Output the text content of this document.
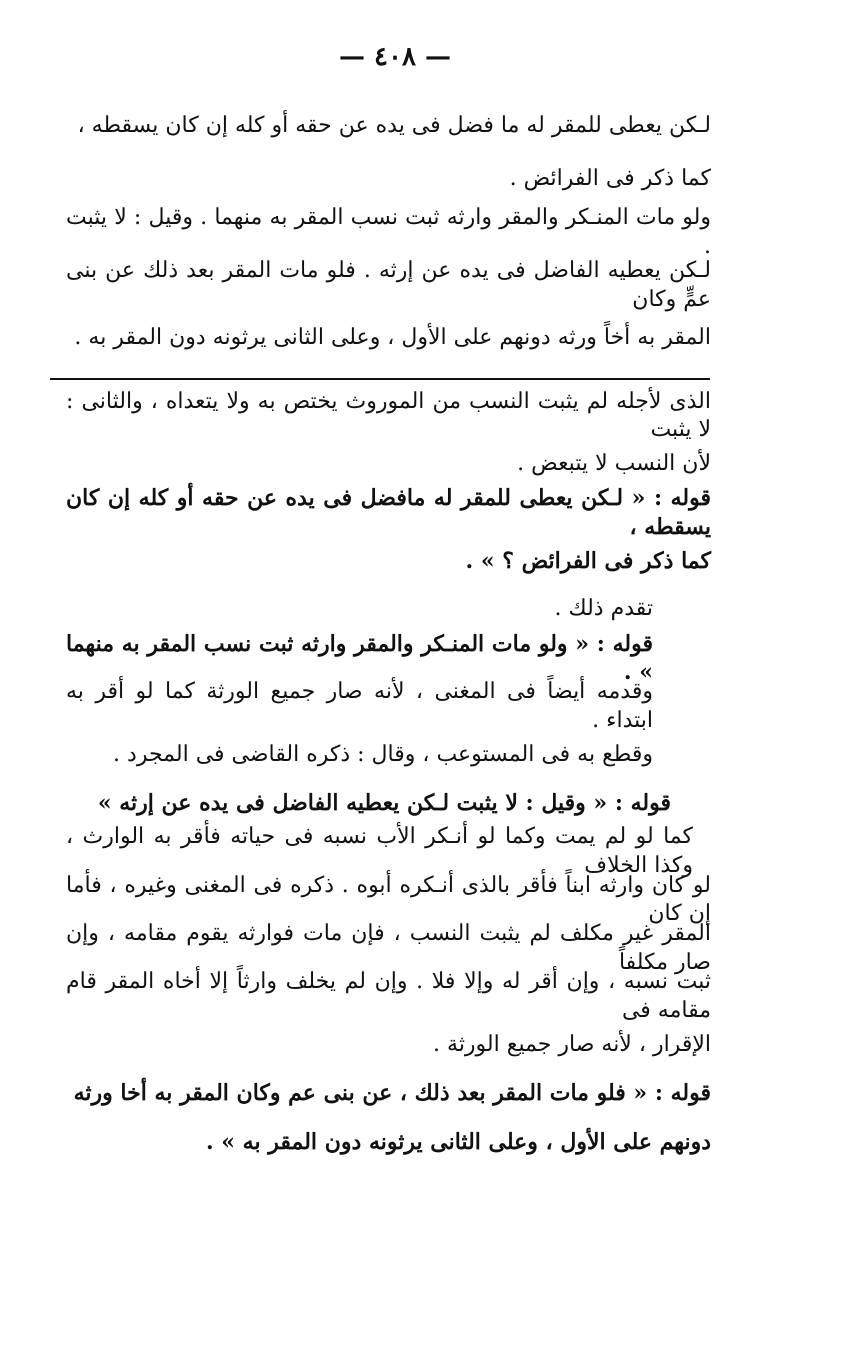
— ٤٠٨ —

لـكن يعطى للمقر له ما فضل فى يده عن حقه أو كله إن كان يسقطه ،

كما ذكر فى الفرائض .

ولو مات المنـكر والمقر وارثه ثبت نسب المقر به منهما . وقيل : لا يثبت .

لـكن يعطيه الفاضل فى يده عن إرثه . فلو مات المقر بعد ذلك عن بنى عمٍّ وكان

المقر به أخاً ورثه دونهم على الأول ، وعلى الثانى يرثونه دون المقر به .

الذى لأجله لم يثبت النسب من الموروث يختص به ولا يتعداه ، والثانى : لا يثبت

لأن النسب لا يتبعض .

قوله : « لـكن يعطى للمقر له مافضل فى يده عن حقه أو كله إن كان يسقطه ،

كما ذكر فى الفرائض ؟ » .

تقدم ذلك .

قوله : « ولو مات المنـكر والمقر وارثه ثبت نسب المقر به منهما » .

وقدمه أيضاً فى المغنى ، لأنه صار جميع الورثة كما لو أقر به ابتداء .

وقطع به فى المستوعب ، وقال : ذكره القاضى فى المجرد .

قوله : « وقيل : لا يثبت لـكن يعطيه الفاضل فى يده عن إرثه »

كما لو لم يمت وكما لو أنـكر الأب نسبه فى حياته فأقر به الوارث ، وكذا الخلاف

لو كان وارثه ابناً فأقر بالذى أنـكره أبوه . ذكره فى المغنى وغيره ، فأما إن كان

المقر غير مكلف لم يثبت النسب ، فإن مات فوارثه يقوم مقامه ، وإن صار مكلفاً

ثبت نسبه ، وإن أقر له وإلا فلا . وإن لم يخلف وارثاً إلا أخاه المقر قام مقامه فى

الإقرار ، لأنه صار جميع الورثة .

قوله : « فلو مات المقر بعد ذلك ، عن بنى عم وكان المقر به أخا ورثه

دونهم على الأول ، وعلى الثانى يرثونه دون المقر به » .
